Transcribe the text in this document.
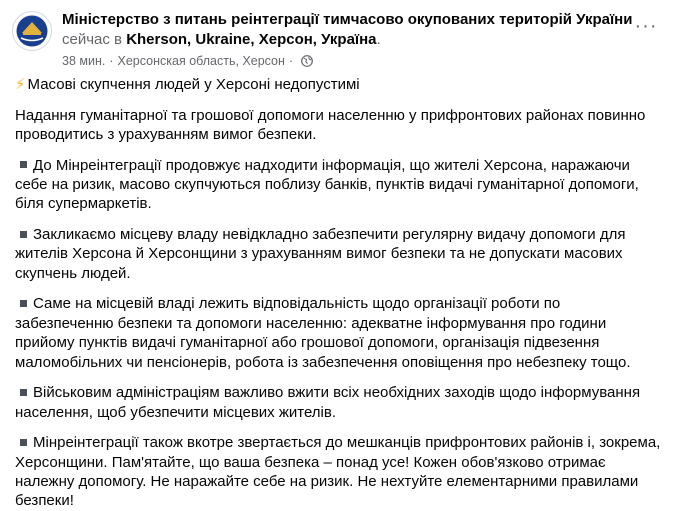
Міністерство з питань реінтеграції тимчасово окупованих територій України
сейчас в Kherson, Ukraine, Херсон, Україна.
38 мин. · Херсонская область, Херсон ·
···

⚡ Масові скупчення людей у Херсоні недопустимі

Надання гуманітарної та грошової допомоги населенню у прифронтових районах повинно проводитись з урахуванням вимог безпеки.

До Мінреінтеграції продовжує надходити інформація, що жителі Херсона, наражаючи себе на ризик, масово скупчуються поблизу банків, пунктів видачі гуманітарної допомоги, біля супермаркетів.

Закликаємо місцеву владу невідкладно забезпечити регулярну видачу допомоги для жителів Херсона й Херсонщини з урахуванням вимог безпеки та не допускати масових скупчень людей.

Саме на місцевій владі лежить відповідальність щодо організації роботи по забезпеченню безпеки та допомоги населенню: адекватне інформування про години прийому пунктів видачі гуманітарної або грошової допомоги, організація підвезення маломобільних чи пенсіонерів, робота із забезпечення оповіщення про небезпеку тощо.

Військовим адміністраціям важливо вжити всіх необхідних заходів щодо інформування населення, щоб убезпечити місцевих жителів.

Мінреінтеграції також вкотре звертається до мешканців прифронтових районів і, зокрема, Херсонщини. Пам'ятайте, що ваша безпека – понад усе! Кожен обов'язково отримає належну допомогу. Не наражайте себе на ризик. Не нехтуйте елементарними правилами безпеки!
